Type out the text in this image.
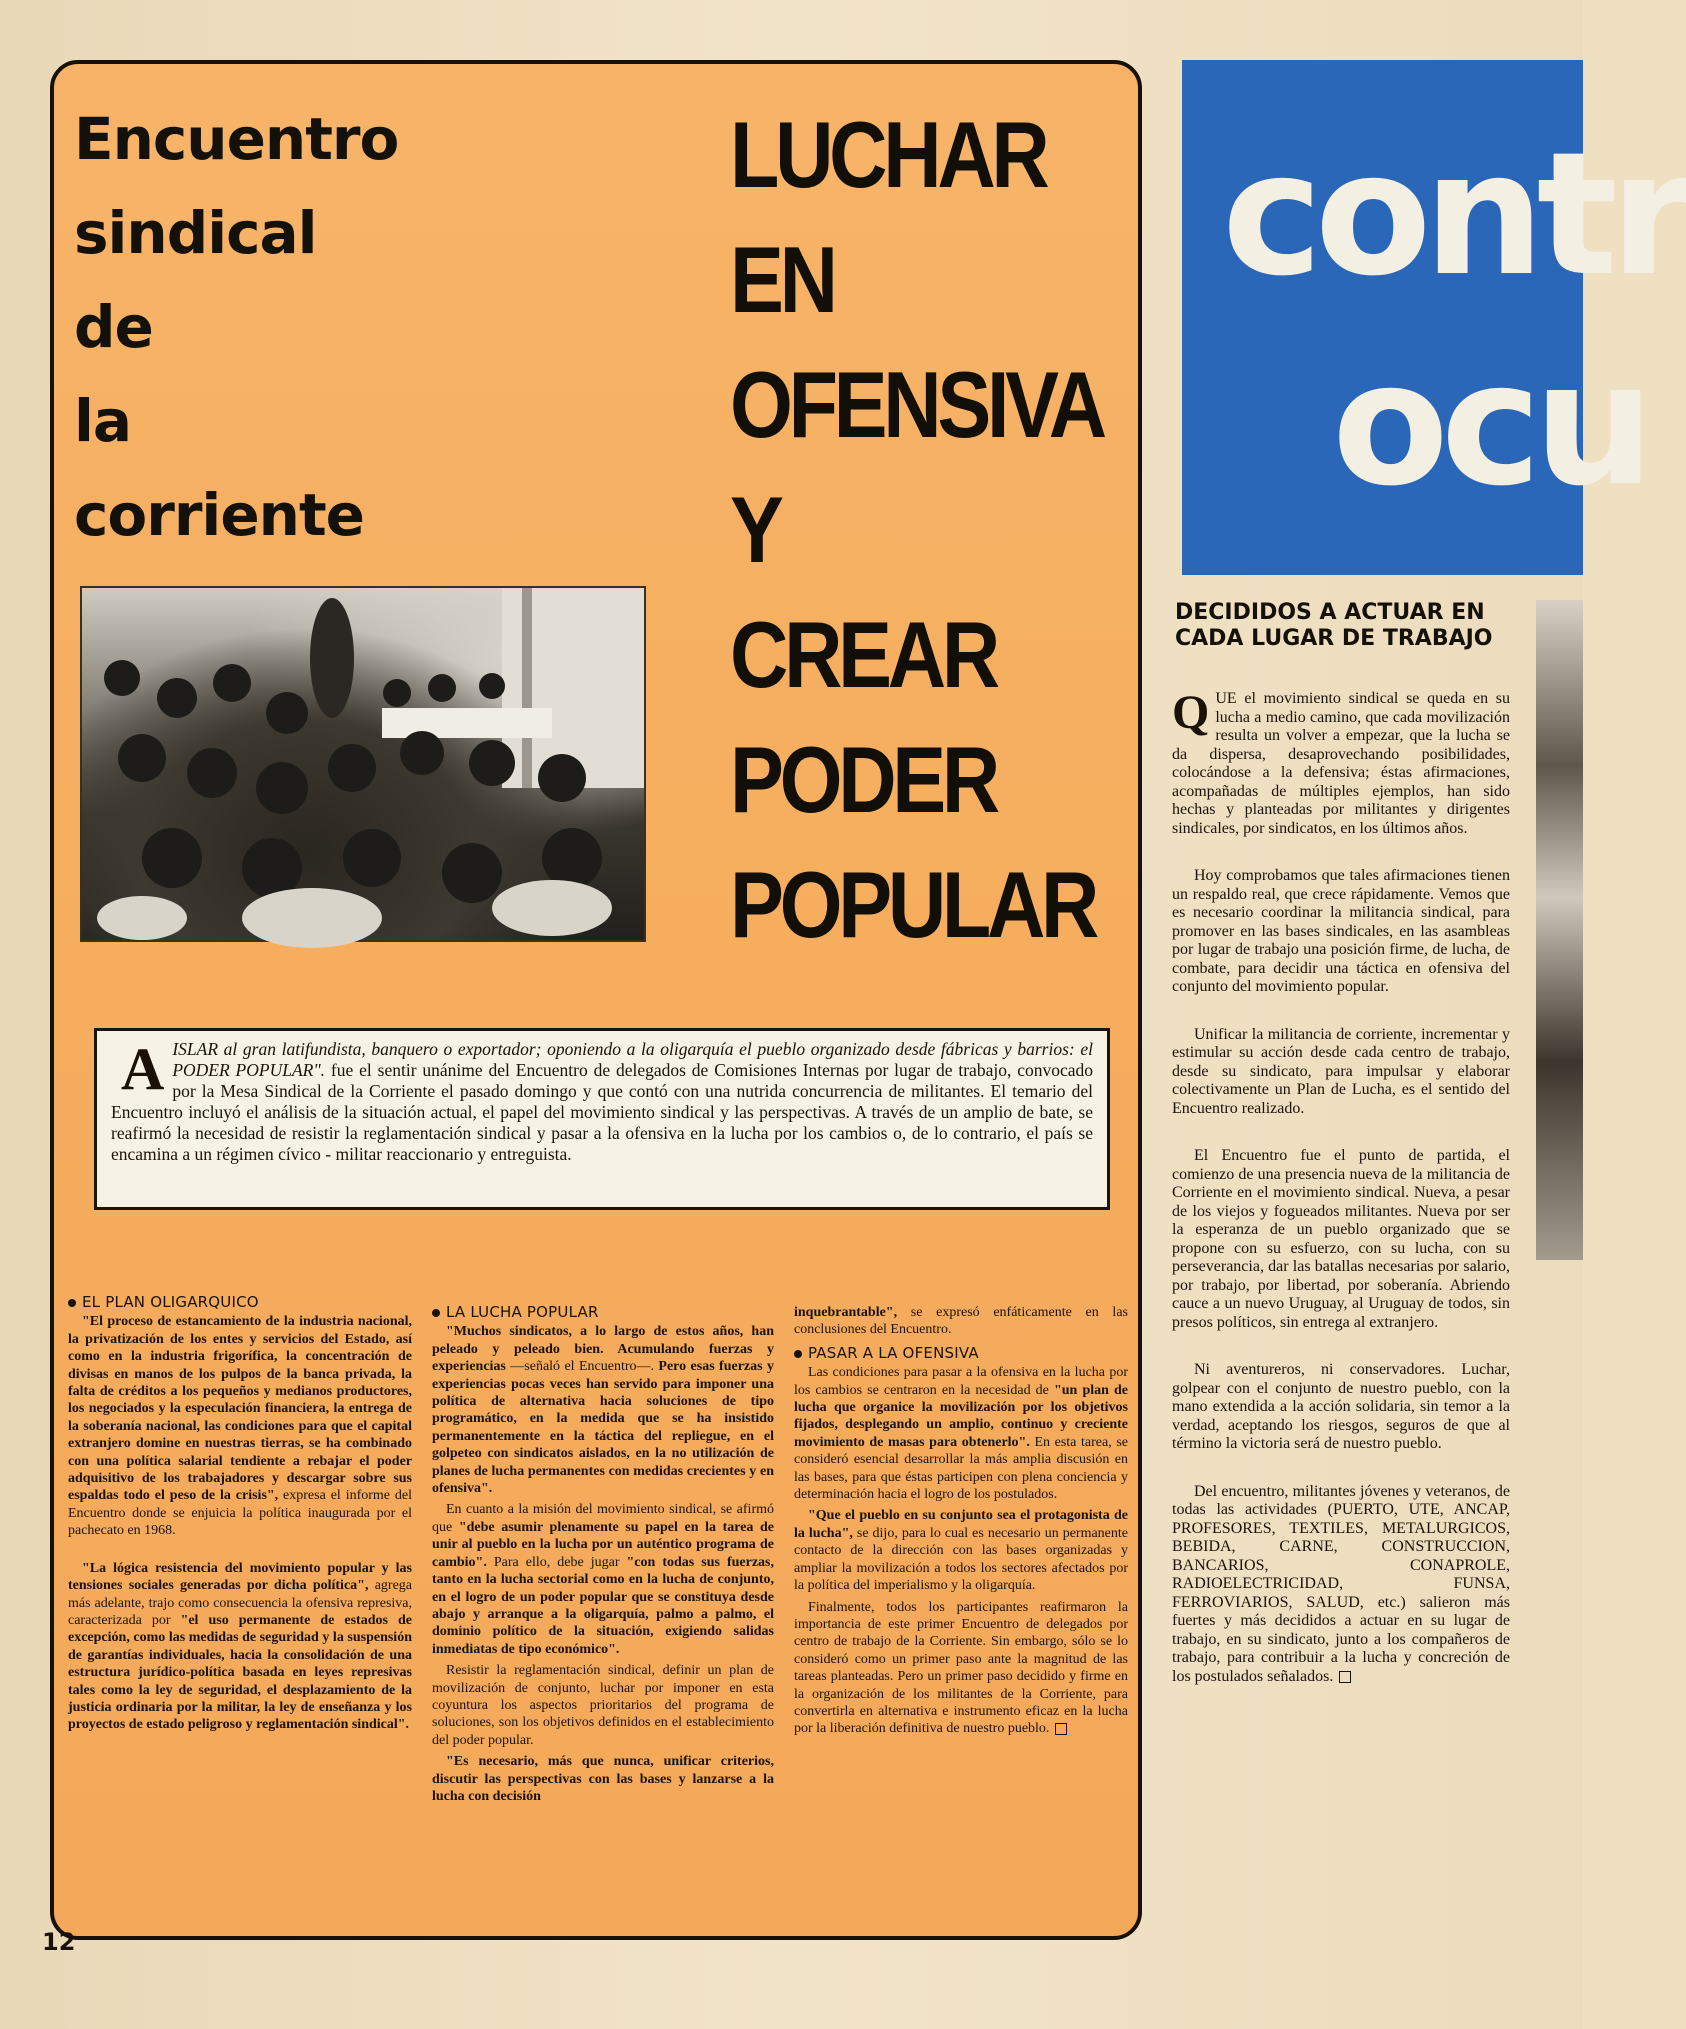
Encuentro
sindical
de
la
corriente
LUCHAR
EN
OFENSIVA
Y
CREAR
PODER
POPULAR
A ISLAR al gran latifundista, banquero o exportador; oponiendo a la oligarquía el pueblo organizado desde fábricas y barrios: el PODER POPULAR". fue el sentir unánime del Encuentro de delegados de Comisiones Internas por lugar de trabajo, convocado por la Mesa Sindical de la Corriente el pasado domingo y que contó con una nutrida concurrencia de militantes. El temario del Encuentro incluyó el análisis de la situación actual, el papel del movimiento sindical y las perspectivas. A través de un amplio de bate, se reafirmó la necesidad de resistir la reglamentación sindical y pasar a la ofensiva en la lucha por los cambios o, de lo contrario, el país se encamina a un régimen cívico - militar reaccionario y entreguista.
EL PLAN OLIGARQUICO

"El proceso de estancamiento de la industria nacional, la privatización de los entes y servicios del Estado, así como en la industria frigorífica, la concentración de divisas en manos de los pulpos de la banca privada, la falta de créditos a los pequeños y medianos productores, los negociados y la especulación financiera, la entrega de la soberanía nacional, las condiciones para que el capital extranjero domine en nuestras tierras, se ha combinado con una política salarial tendiente a rebajar el poder adquisitivo de los trabajadores y descargar sobre sus espaldas todo el peso de la crisis", expresa el informe del Encuentro donde se enjuicia la política inaugurada por el pachecato en 1968.

"La lógica resistencia del movimiento popular y las tensiones sociales generadas por dicha política", agrega más adelante, trajo como consecuencia la ofensiva represiva, caracterizada por "el uso permanente de estados de excepción, como las medidas de seguridad y la suspensión de garantías individuales, hacia la consolidación de una estructura jurídico-política basada en leyes represivas tales como la ley de seguridad, el desplazamiento de la justicia ordinaria por la militar, la ley de enseñanza y los proyectos de estado peligroso y reglamentación sindical".

LA LUCHA POPULAR

"Muchos sindicatos, a lo largo de estos años, han peleado y peleado bien. Acumulando fuerzas y experiencias —señaló el Encuentro—. Pero esas fuerzas y experiencias pocas veces han servido para imponer una política de alternativa hacia soluciones de tipo programático, en la medida que se ha insistido permanentemente en la táctica del repliegue, en el golpeteo con sindicatos aislados, en la no utilización de planes de lucha permanentes con medidas crecientes y en ofensiva".

En cuanto a la misión del movimiento sindical, se afirmó que "debe asumir plenamente su papel en la tarea de unir al pueblo en la lucha por un auténtico programa de cambio". Para ello, debe jugar "con todas sus fuerzas, tanto en la lucha sectorial como en la lucha de conjunto, en el logro de un poder popular que se constituya desde abajo y arranque a la oligarquía, palmo a palmo, el dominio político de la situación, exigiendo salidas inmediatas de tipo económico".

Resistir la reglamentación sindical, definir un plan de movilización de conjunto, luchar por imponer en esta coyuntura los aspectos prioritarios del programa de soluciones, son los objetivos definidos en el establecimiento del poder popular.

"Es necesario, más que nunca, unificar criterios, discutir las perspectivas con las bases y lanzarse a la lucha con decisión

inquebrantable", se expresó enfáticamente en las conclusiones del Encuentro.

PASAR A LA OFENSIVA

Las condiciones para pasar a la ofensiva en la lucha por los cambios se centraron en la necesidad de "un plan de lucha que organice la movilización por los objetivos fijados, desplegando un amplio, continuo y creciente movimiento de masas para obtenerlo". En esta tarea, se consideró esencial desarrollar la más amplia discusión en las bases, para que éstas participen con plena conciencia y determinación hacia el logro de los postulados.

"Que el pueblo en su conjunto sea el protagonista de la lucha", se dijo, para lo cual es necesario un permanente contacto de la dirección con las bases organizadas y ampliar la movilización a todos los sectores afectados por la política del imperialismo y la oligarquía.

Finalmente, todos los participantes reafirmaron la importancia de este primer Encuentro de delegados por centro de trabajo de la Corriente. Sin embargo, sólo se lo consideró como un primer paso ante la magnitud de las tareas planteadas. Pero un primer paso decidido y firme en la organización de los militantes de la Corriente, para convertirla en alternativa e instrumento eficaz en la lucha por la liberación definitiva de nuestro pueblo.

contr
ocu
DECIDIDOS A ACTUAR EN CADA LUGAR DE TRABAJO

QUE el movimiento sindical se queda en su lucha a medio camino, que cada movilización resulta un volver a empezar, que la lucha se da dispersa, desaprovechando posibilidades, colocándose a la defensiva; éstas afirmaciones, acompañadas de múltiples ejemplos, han sido hechas y planteadas por militantes y dirigentes sindicales, por sindicatos, en los últimos años.

Hoy comprobamos que tales afirmaciones tienen un respaldo real, que crece rápidamente. Vemos que es necesario coordinar la militancia sindical, para promover en las bases sindicales, en las asambleas por lugar de trabajo una posición firme, de lucha, de combate, para decidir una táctica en ofensiva del conjunto del movimiento popular.

Unificar la militancia de corriente, incrementar y estimular su acción desde cada centro de trabajo, desde su sindicato, para impulsar y elaborar colectivamente un Plan de Lucha, es el sentido del Encuentro realizado.

El Encuentro fue el punto de partida, el comienzo de una presencia nueva de la militancia de Corriente en el movimiento sindical. Nueva, a pesar de los viejos y fogueados militantes. Nueva por ser la esperanza de un pueblo organizado que se propone con su esfuerzo, con su lucha, con su perseverancia, dar las batallas necesarias por salario, por trabajo, por libertad, por soberanía. Abriendo cauce a un nuevo Uruguay, al Uruguay de todos, sin presos políticos, sin entrega al extranjero.

Ni aventureros, ni conservadores. Luchar, golpear con el conjunto de nuestro pueblo, con la mano extendida a la acción solidaria, sin temor a la verdad, aceptando los riesgos, seguros de que al término la victoria será de nuestro pueblo.

Del encuentro, militantes jóvenes y veteranos, de todas las actividades (PUERTO, UTE, ANCAP, PROFESORES, TEXTILES, METALURGICOS, BEBIDA, CARNE, CONSTRUCCION, BANCARIOS, CONAPROLE, RADIOELECTRICIDAD, FUNSA, FERROVIARIOS, SALUD, etc.) salieron más fuertes y más decididos a actuar en su lugar de trabajo, en su sindicato, junto a los compañeros de trabajo, para contribuir a la lucha y concreción de los postulados señalados.

12
